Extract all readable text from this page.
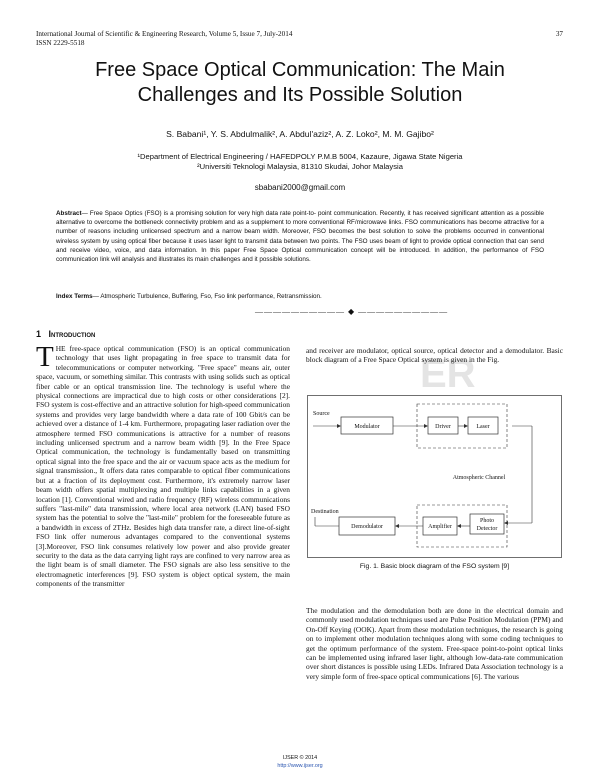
International Journal of Scientific & Engineering Research, Volume 5, Issue 7, July-2014
ISSN 2229-5518
37
Free Space Optical Communication: The Main
Challenges and Its Possible Solution
S. Babani¹, Y. S. Abdulmalik², A. Abdul'aziz², A. Z. Loko², M. M. Gajibo²
¹Department of Electrical Engineering / HAFEDPOLY P.M.B 5004, Kazaure, Jigawa State Nigeria
²Universiti Teknologi Malaysia, 81310 Skudai, Johor Malaysia
sbabani2000@gmail.com
Abstract— Free Space Optics (FSO) is a promising solution for very high data rate point-to- point communication. Recently, it has received significant attention as a possible alternative to overcome the bottleneck connectivity problem and as a supplement to more conventional RF/microwave links. FSO communications has become attractive for a number of reasons including unlicensed spectrum and a narrow beam width. Moreover, FSO becomes the best solution to solve the problems occurred in conventional wireless system by using optical fiber because it uses laser light to transmit data between two points. The FSO uses beam of light to provide optical connection that can send and receive video, voice, and data information. In this paper Free Space Optical communication concept will be introduced. In addition, the performance of FSO communication link will analysis and illustrates its main challenges and it possible solutions.
Index Terms— Atmospheric Turbulence, Buffering, Fso, Fso link performance, Retransmission.
—————————— ◆ ——————————
1 Introduction
THE free-space optical communication (FSO) is an optical communication technology that uses light propagating in free space to transmit data for telecommunications or computer networking. "Free space" means air, outer space, vacuum, or something similar. This contrasts with using solids such as optical fiber cable or an optical transmission line. The technology is useful where the physical connections are impractical due to high costs or other considerations [2]. FSO system is cost-effective and an attractive solution for high-speed communication systems and provides very large bandwidth where a data rate of 100 Gbit/s can be achieved over a distance of 1-4 km. Furthermore, propagating laser radiation over the atmosphere termed FSO communications is attractive for a number of reasons including unlicensed spectrum and a narrow beam width [9]. In the Free Space Optical communication, the technology is fundamentally based on transmitting optical signal into the free space and the air or vacuum space acts as the medium for signal transmission., It offers data rates comparable to optical fiber communications but at a fraction of its deployment cost. Furthermore, it's extremely narrow laser beam width offers spatial multiplexing and multiple links capabilities in a given location [1]. Conventional wired and radio frequency (RF) wireless communications suffers "last-mile" data transmission, where local area network (LAN) based FSO system has the potential to solve the "last-mile" problem for the foreseeable future as a bandwidth in excess of 2THz. Besides high data transfer rate, a direct line-of-sight FSO link offer numerous advantages compared to the conventional systems [3].Moreover, FSO link consumes relatively low power and also provide greater security to the data as the data carrying light rays are confined to very narrow area as the light beam is of small diameter. The FSO signals are also less sensitive to the electromagnetic interferences [9]. FSO system is object optical system, the main components of the transmitter
ER
and receiver are modulator, optical source, optical detector and a demodulator. Basic block diagram of a Free Space Optical system is given in the Fig.
Source
Modulator	Driver	Laser
Atmospheric Channel
Destination
Photo
Detector
Amplifier
Demodulator
Fig. 1. Basic block diagram of the FSO system [9]
The modulation and the demodulation both are done in the electrical domain and commonly used modulation techniques used are Pulse Position Modulation (PPM) and On-Off Keying (OOK). Apart from these modulation techniques, the research is going on to implement other modulation techniques along with some coding techniques to get the optimum performance of the system. Free-space point-to-point optical links can be implemented using infrared laser light, although low-data-rate communication over short distances is possible using LEDs. Infrared Data Association technology is a very simple form of free-space optical communications [6]. The various
IJSER © 2014
http://www.ijser.org
